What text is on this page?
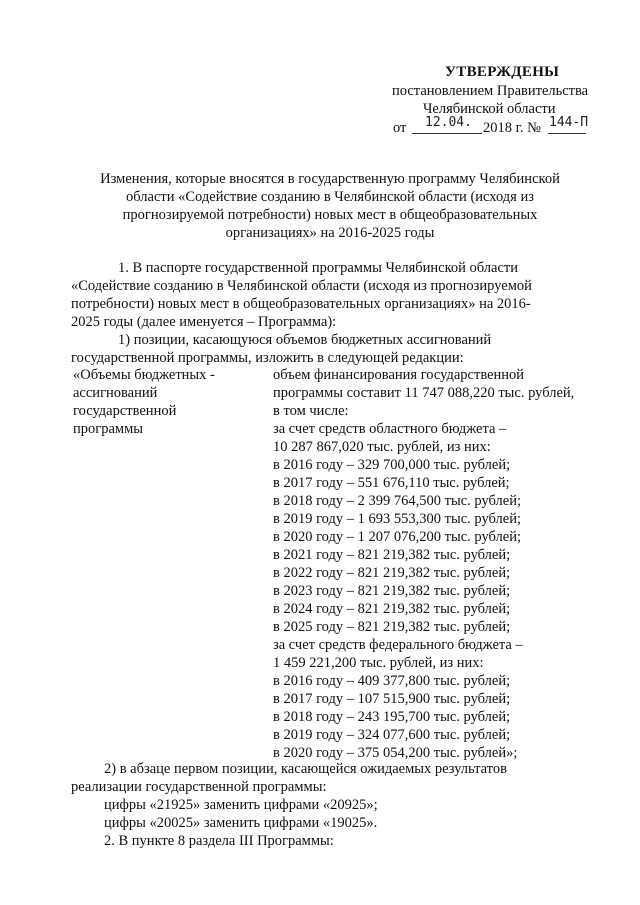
УТВЕРЖДЕНЫ
постановлением Правительства
Челябинской области
от 12.04. 2018 г. № 144-П
Изменения, которые вносятся в государственную программу Челябинской
области «Содействие созданию в Челябинской области (исходя из
прогнозируемой потребности) новых мест в общеобразовательных
организациях» на 2016-2025 годы
1. В паспорте государственной программы Челябинской области
«Содействие созданию в Челябинской области (исходя из прогнозируемой
потребности) новых мест в общеобразовательных организациях» на 2016-
2025 годы (далее именуется – Программа):
1) позиции, касающуюся объемов бюджетных ассигнований
государственной программы, изложить в следующей редакции:
«Объемы бюджетных -
ассигнований
государственной
программы
объем финансирования государственной
программы составит 11 747 088,220 тыс. рублей,
в том числе:
за счет средств областного бюджета –
10 287 867,020 тыс. рублей, из них:
в 2016 году – 329 700,000 тыс. рублей;
в 2017 году – 551 676,110 тыс. рублей;
в 2018 году – 2 399 764,500 тыс. рублей;
в 2019 году – 1 693 553,300 тыс. рублей;
в 2020 году – 1 207 076,200 тыс. рублей;
в 2021 году – 821 219,382 тыс. рублей;
в 2022 году – 821 219,382 тыс. рублей;
в 2023 году – 821 219,382 тыс. рублей;
в 2024 году – 821 219,382 тыс. рублей;
в 2025 году – 821 219,382 тыс. рублей;
за счет средств федерального бюджета –
1 459 221,200 тыс. рублей, из них:
в 2016 году – 409 377,800 тыс. рублей;
в 2017 году – 107 515,900 тыс. рублей;
в 2018 году – 243 195,700 тыс. рублей;
в 2019 году – 324 077,600 тыс. рублей;
в 2020 году – 375 054,200 тыс. рублей»;
2) в абзаце первом позиции, касающейся ожидаемых результатов
реализации государственной программы:
цифры «21925» заменить цифрами «20925»;
цифры «20025» заменить цифрами «19025».
2. В пункте 8 раздела III Программы:
